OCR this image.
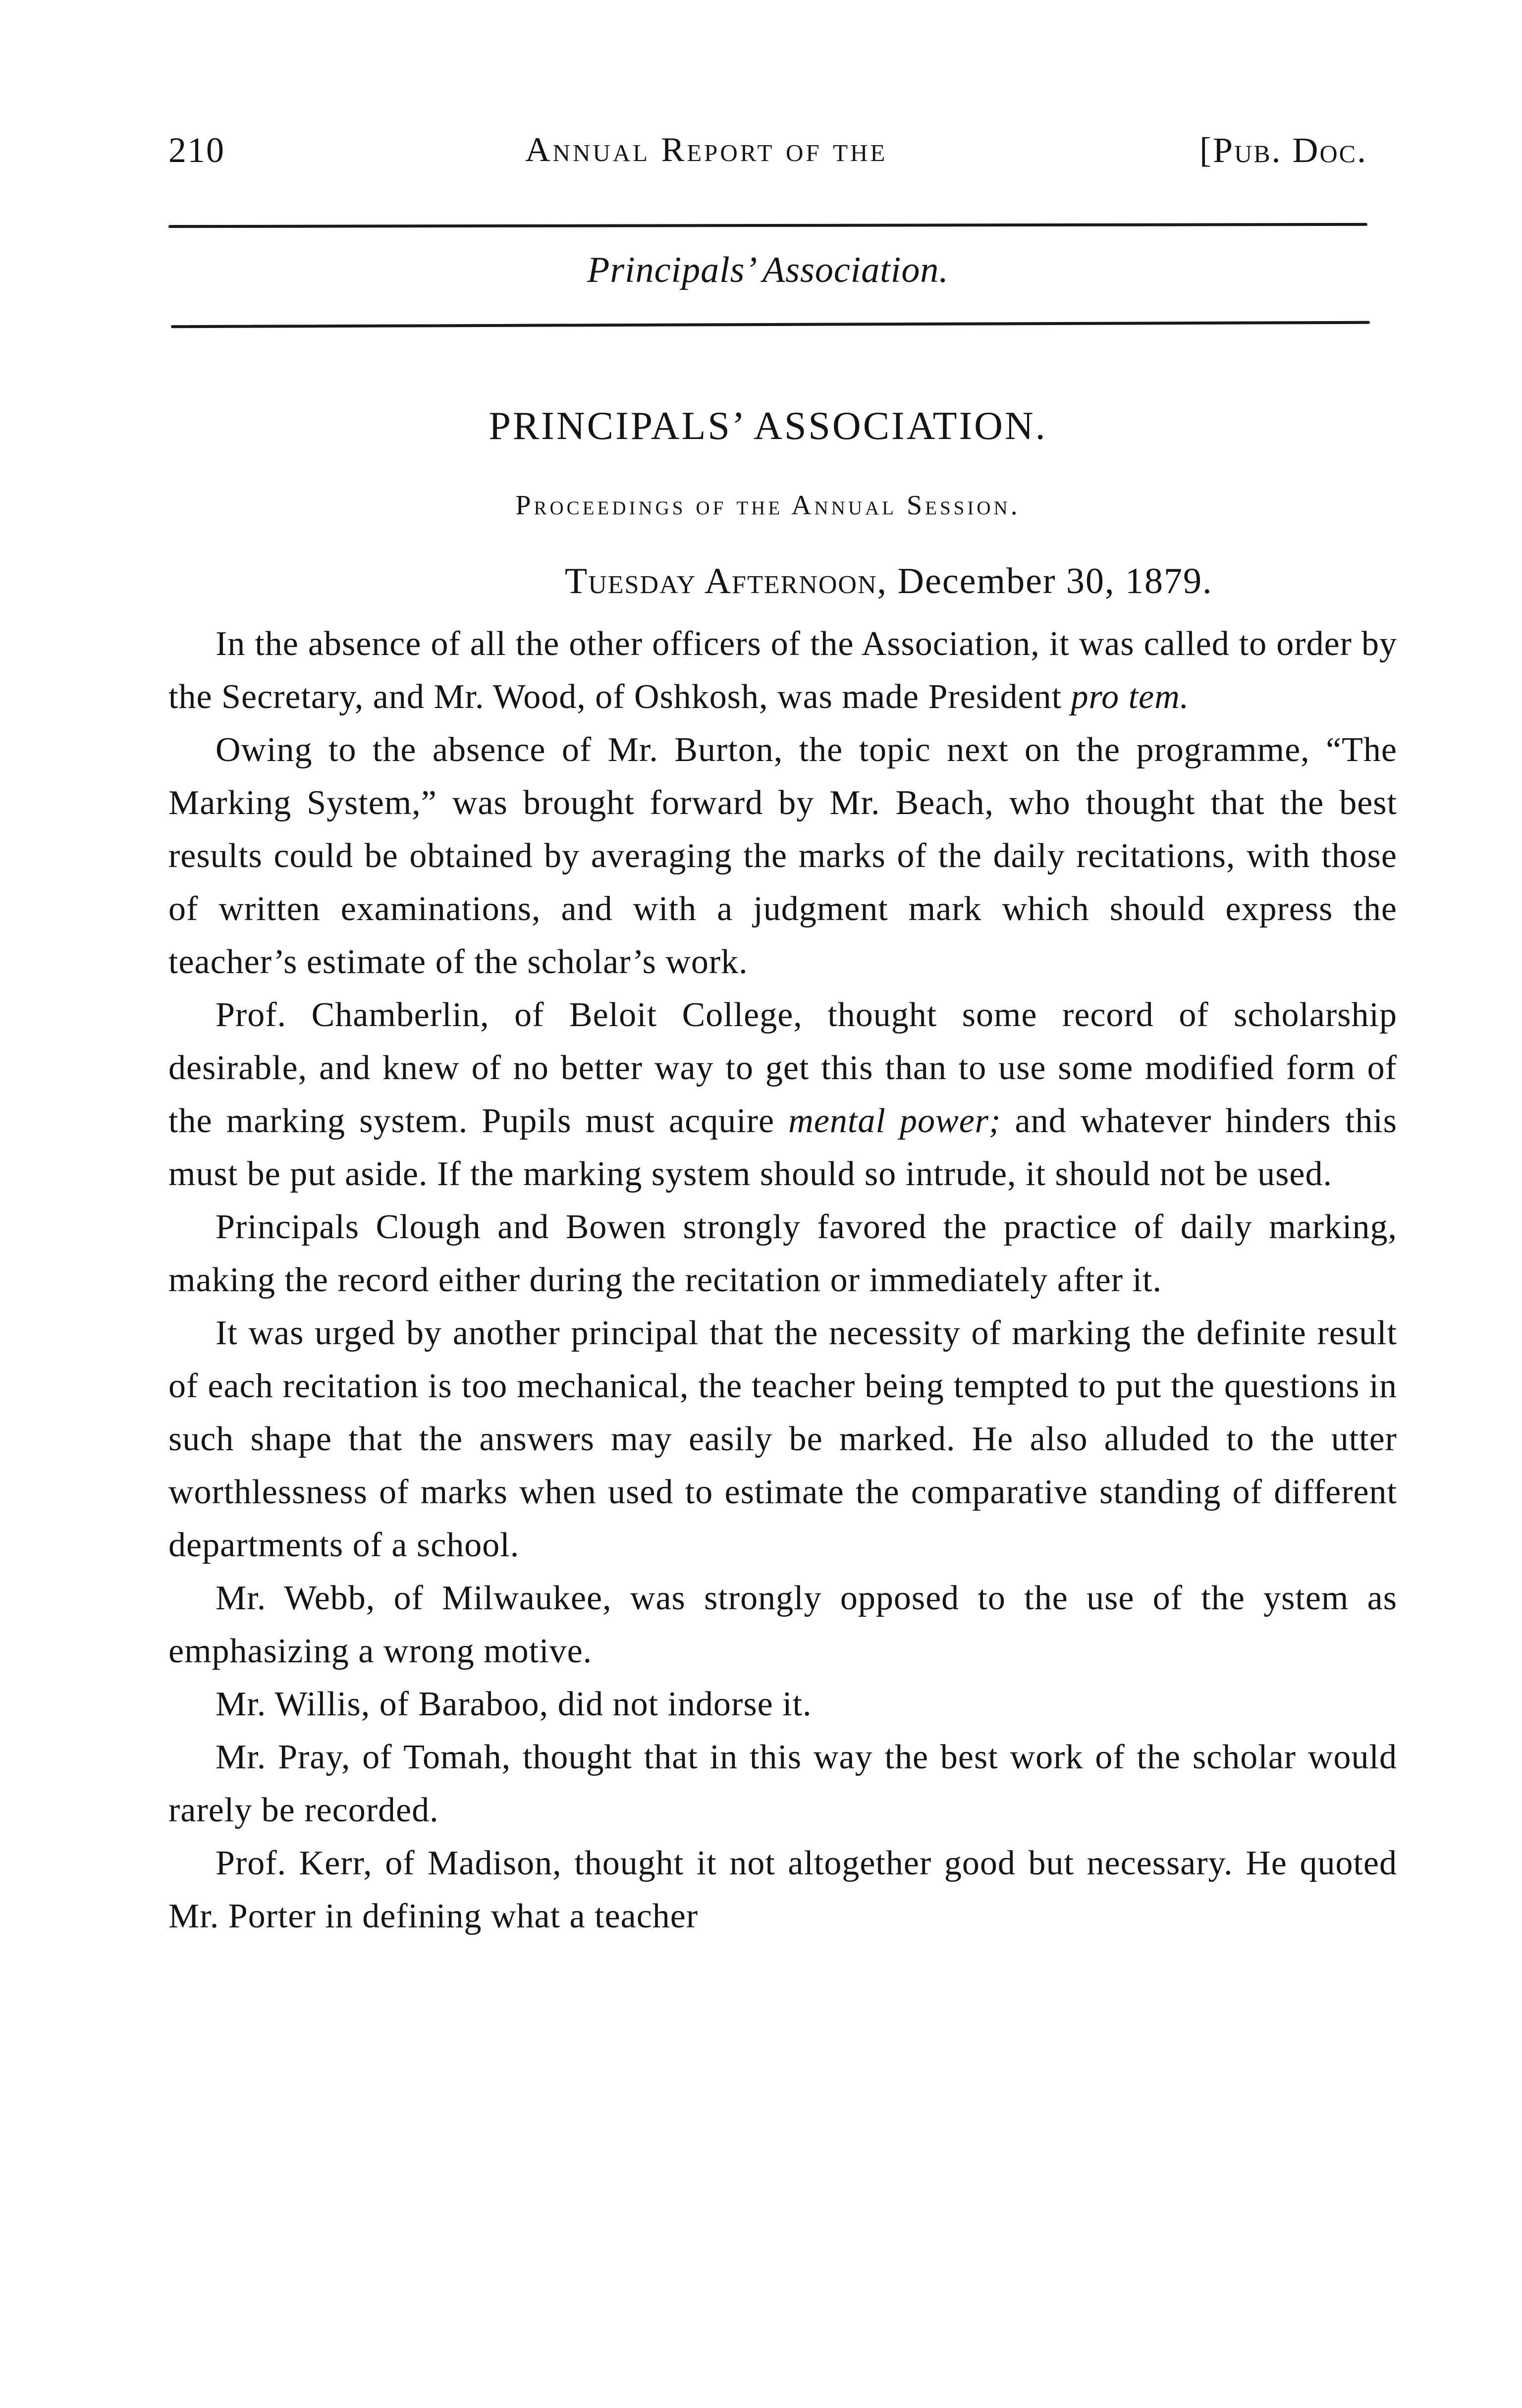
210	Annual Report of the	[Pub. Doc.
Principals’ Association.
PRINCIPALS’ ASSOCIATION.
Proceedings of the Annual Session.
Tuesday Afternoon, December 30, 1879.

In the absence of all the other officers of the Association, it was called to order by the Secretary, and Mr. Wood, of Oshkosh, was made President pro tem.

Owing to the absence of Mr. Burton, the topic next on the programme, “The Marking System,” was brought forward by Mr. Beach, who thought that the best results could be obtained by averaging the marks of the daily recitations, with those of written examinations, and with a judgment mark which should express the teacher’s estimate of the scholar’s work.

Prof. Chamberlin, of Beloit College, thought some record of scholarship desirable, and knew of no better way to get this than to use some modified form of the marking system. Pupils must acquire mental power; and whatever hinders this must be put aside. If the marking system should so intrude, it should not be used.

Principals Clough and Bowen strongly favored the practice of daily marking, making the record either during the recitation or immediately after it.

It was urged by another principal that the necessity of marking the definite result of each recitation is too mechanical, the teacher being tempted to put the questions in such shape that the answers may easily be marked. He also alluded to the utter worthlessness of marks when used to estimate the comparative standing of different departments of a school.

Mr. Webb, of Milwaukee, was strongly opposed to the use of the ystem as emphasizing a wrong motive.

Mr. Willis, of Baraboo, did not indorse it.

Mr. Pray, of Tomah, thought that in this way the best work of the scholar would rarely be recorded.

Prof. Kerr, of Madison, thought it not altogether good but necessary. He quoted Mr. Porter in defining what a teacher
